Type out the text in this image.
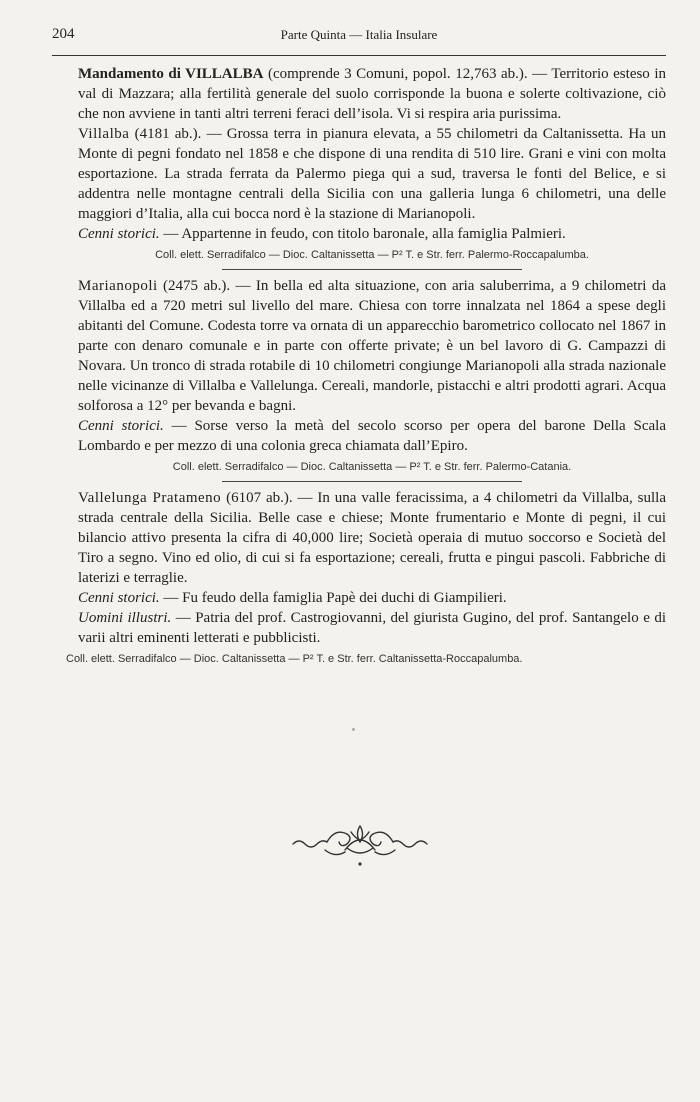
204	Parte Quinta — Italia Insulare

Mandamento di VILLALBA (comprende 3 Comuni, popol. 12,763 ab.). — Territorio esteso in val di Mazzara; alla fertilità generale del suolo corrisponde la buona e solerte coltivazione, ciò che non avviene in tanti altri terreni feraci dell’isola. Vi si respira aria purissima.

Villalba (4181 ab.). — Grossa terra in pianura elevata, a 55 chilometri da Caltanissetta. Ha un Monte di pegni fondato nel 1858 e che dispone di una rendita di 510 lire. Grani e vini con molta esportazione. La strada ferrata da Palermo piega qui a sud, traversa le fonti del Belice, e si addentra nelle montagne centrali della Sicilia con una galleria lunga 6 chilometri, una delle maggiori d’Italia, alla cui bocca nord è la stazione di Marianopoli.

Cenni storici. — Appartenne in feudo, con titolo baronale, alla famiglia Palmieri.

Coll. elett. Serradifalco — Dioc. Caltanissetta — P² T. e Str. ferr. Palermo-Roccapalumba.

Marianopoli (2475 ab.). — In bella ed alta situazione, con aria saluberrima, a 9 chilometri da Villalba ed a 720 metri sul livello del mare. Chiesa con torre innalzata nel 1864 a spese degli abitanti del Comune. Codesta torre va ornata di un apparecchio barometrico collocato nel 1867 in parte con denaro comunale e in parte con offerte private; è un bel lavoro di G. Campazzi di Novara. Un tronco di strada rotabile di 10 chilometri congiunge Marianopoli alla strada nazionale nelle vicinanze di Villalba e Vallelunga. Cereali, mandorle, pistacchi e altri prodotti agrari. Acqua solforosa a 12° per bevanda e bagni.

Cenni storici. — Sorse verso la metà del secolo scorso per opera del barone Della Scala Lombardo e per mezzo di una colonia greca chiamata dall’Epiro.

Coll. elett. Serradifalco — Dioc. Caltanissetta — P² T. e Str. ferr. Palermo-Catania.

Vallelunga Pratameno (6107 ab.). — In una valle feracissima, a 4 chilometri da Villalba, sulla strada centrale della Sicilia. Belle case e chiese; Monte frumentario e Monte di pegni, il cui bilancio attivo presenta la cifra di 40,000 lire; Società operaia di mutuo soccorso e Società del Tiro a segno. Vino ed olio, di cui si fa esportazione; cereali, frutta e pingui pascoli. Fabbriche di laterizi e terraglie.

Cenni storici. — Fu feudo della famiglia Papè dei duchi di Giampilieri.

Uomini illustri. — Patria del prof. Castrogiovanni, del giurista Gugino, del prof. Santangelo e di varii altri eminenti letterati e pubblicisti.

Coll. elett. Serradifalco — Dioc. Caltanissetta — P² T. e Str. ferr. Caltanissetta-Roccapalumba.
